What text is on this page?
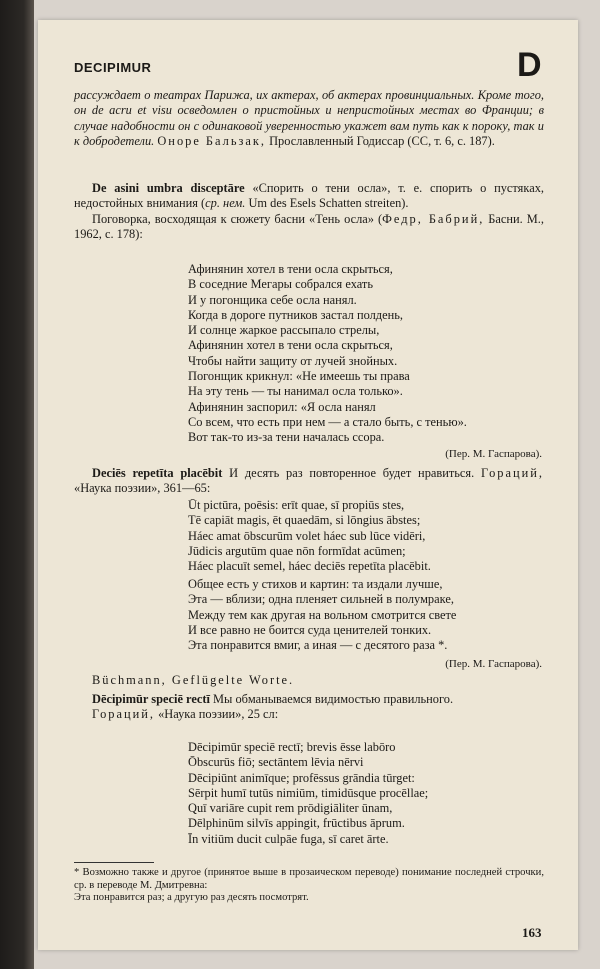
DECIPIMUR	D

рассуждает о театрах Парижа, их актерах, об актерах провинциальных. Кроме того, он de acru et visu осведомлен о пристойных и непристойных местах во Франции; в случае надобности он с одинаковой уверенностью укажет вам путь как к пороку, так и к добродетели. Оноре Бальзак, Прославленный Годиссар (СС, т. 6, с. 187).

De asini umbra disceptāre «Спорить о тени осла», т. е. спорить о пустяках, недостойных внимания (ср. нем. Um des Esels Schatten streiten).

Поговорка, восходящая к сюжету басни «Тень осла» (Федр, Бабрий, Басни. М., 1962, с. 178):

Афинянин хотел в тени осла скрыться,
В соседние Мегары собрался ехать
И у погонщика себе осла нанял.
Когда в дороге путников застал полдень,
И солнце жаркое рассыпало стрелы,
Афинянин хотел в тени осла скрыться,
Чтобы найти защиту от лучей знойных.
Погонщик крикнул: «Не имеешь ты права
На эту тень — ты нанимал осла только».
Афинянин заспорил: «Я осла нанял
Со всем, что есть при нем — а стало быть, с тенью».
Вот так-то из-за тени началась ссора.
(Пер. М. Гаспарова).

Deciēs repetīta placēbit И десять раз повторенное будет нравиться. Гораций, «Наука поэзии», 361—65:

Ūt pictūra, poēsis: erīt quae, sī propiūs stes,
Tē capiāt magis, ēt quaedām, si lōngius ābstes;
Háec amat ōbscurūm volet háec sub lūce vidēri,
Jūdicis argutūm quae nōn formīdat acūmen;
Háec placuīt semel, háec deciēs repetīta placēbit.
Общее есть у стихов и картин: та издали лучше,
Эта — вблизи; одна пленяет сильней в полумраке,
Между тем как другая на вольном смотрится свете
И все равно не боится суда ценителей тонких.
Эта понравится вмиг, а иная — с десятого раза *.
(Пер. М. Гаспарова).

Büchmann, Geflügelte Worte.

Dēcipimūr speciē rectī Мы обманываемся видимостью правильного.

Гораций, «Наука поэзии», 25 сл:

Dēcipimūr speciē rectī; brevis ēsse labōro
Ōbscurūs fiō; sectāntem lēvia nērvi
Dēcipiūnt animīque; profēssus grāndia tūrget:
Sērpit humī tutūs nimiūm, timidūsque procēllae;
Quī variāre cupit rem prōdigiāliter ūnam,
Dēlphinūm silvīs appingit, frūctibus āprum.
Īn vitiūm ducit culpāe fuga, sī caret ārte.
* Возможно также и другое (принятое выше в прозаическом переводе) понимание последней строчки, ср. в переводе М. Дмитревна:
Эта понравится раз; а другую раз десять посмотрят.
163
